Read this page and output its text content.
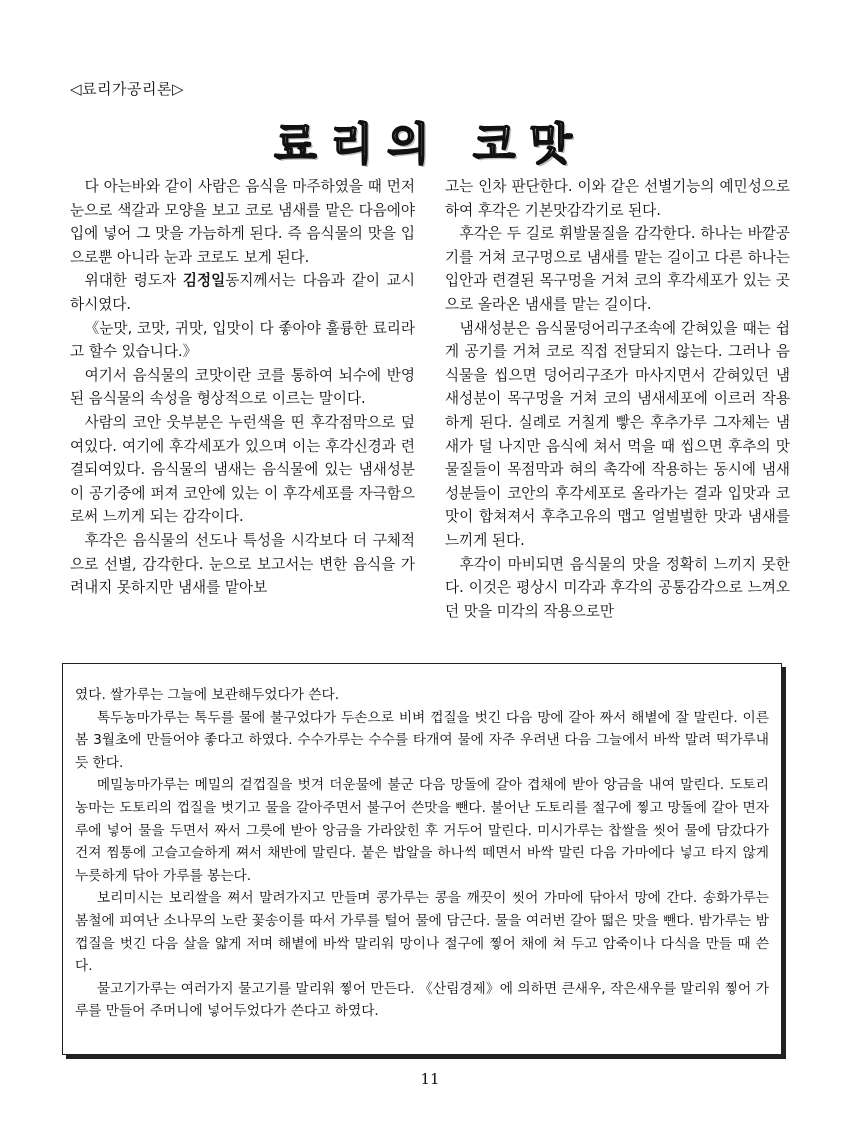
◁료리가공리론▷
료리의 코맛

다 아는바와 같이 사람은 음식을 마주하였을 때 먼저 눈으로 색갈과 모양을 보고 코로 냄새를 맡은 다음에야 입에 넣어 그 맛을 가늠하게 된다. 즉 음식물의 맛을 입으로뿐 아니라 눈과 코로도 보게 된다.

위대한 령도자 김정일동지께서는 다음과 같이 교시하시였다.

《눈맛, 코맛, 귀맛, 입맛이 다 좋아야 훌륭한 료리라고 할수 있습니다.》

여기서 음식물의 코맛이란 코를 통하여 뇌수에 반영된 음식물의 속성을 형상적으로 이르는 말이다.

사람의 코안 웃부분은 누런색을 띤 후각점막으로 덮여있다. 여기에 후각세포가 있으며 이는 후각신경과 련결되여있다. 음식물의 냄새는 음식물에 있는 냄새성분이 공기중에 퍼져 코안에 있는 이 후각세포를 자극함으로써 느끼게 되는 감각이다.

후각은 음식물의 선도나 특성을 시각보다 더 구체적으로 선별, 감각한다. 눈으로 보고서는 변한 음식을 가려내지 못하지만 냄새를 맡아보

고는 인차 판단한다. 이와 같은 선별기능의 예민성으로 하여 후각은 기본맛감각기로 된다.

후각은 두 길로 휘발물질을 감각한다. 하나는 바깥공기를 거쳐 코구멍으로 냄새를 맡는 길이고 다른 하나는 입안과 련결된 목구멍을 거쳐 코의 후각세포가 있는 곳으로 올라온 냄새를 맡는 길이다.

냄새성분은 음식물덩어리구조속에 갇혀있을 때는 쉽게 공기를 거쳐 코로 직접 전달되지 않는다. 그러나 음식물을 씹으면 덩어리구조가 마사지면서 갇혀있던 냄새성분이 목구멍을 거쳐 코의 냄새세포에 이르러 작용하게 된다. 실례로 거칠게 빻은 후추가루 그자체는 냄새가 덜 나지만 음식에 쳐서 먹을 때 씹으면 후추의 맛물질들이 목점막과 혀의 촉각에 작용하는 동시에 냄새성분들이 코안의 후각세포로 올라가는 결과 입맛과 코맛이 합쳐져서 후추고유의 맵고 얼벌벌한 맛과 냄새를 느끼게 된다.

후각이 마비되면 음식물의 맛을 정확히 느끼지 못한다. 이것은 평상시 미각과 후각의 공통감각으로 느껴오던 맛을 미각의 작용으로만

였다. 쌀가루는 그늘에 보관해두었다가 쓴다.

톡두농마가루는 톡두를 물에 불구었다가 두손으로 비벼 껍질을 벗긴 다음 망에 갈아 짜서 해볕에 잘 말린다. 이른봄 3월초에 만들어야 좋다고 하였다. 수수가루는 수수를 타개여 물에 자주 우려낸 다음 그늘에서 바싹 말려 떡가루내듯 한다.

메밀농마가루는 메밀의 겉껍질을 벗겨 더운물에 불군 다음 망돌에 갈아 겹채에 받아 앙금을 내여 말린다. 도토리농마는 도토리의 껍질을 벗기고 물을 갈아주면서 불구어 쓴맛을 뺀다. 불어난 도토리를 절구에 찧고 망돌에 갈아 면자루에 넣어 물을 두면서 짜서 그릇에 받아 앙금을 가라앉힌 후 거두어 말린다. 미시가루는 찹쌀을 씻어 물에 담갔다가 건져 찜통에 고슬고슬하게 쪄서 채반에 말린다. 붙은 밥알을 하나씩 떼면서 바싹 말린 다음 가마에다 넣고 타지 않게 누릇하게 닦아 가루를 봉는다.

보리미시는 보리쌀을 쪄서 말려가지고 만들며 콩가루는 콩을 깨끗이 씻어 가마에 닦아서 망에 간다. 송화가루는 봄철에 피여난 소나무의 노란 꽃송이를 따서 가루를 털어 물에 담근다. 물을 여러번 갈아 떫은 맛을 뺀다. 밤가루는 밤껍질을 벗긴 다음 살을 얇게 저며 해볕에 바싹 말리워 망이나 절구에 찧어 채에 쳐 두고 암죽이나 다식을 만들 때 쓴다.

물고기가루는 여러가지 물고기를 말리워 찧어 만든다. 《산림경제》에 의하면 큰새우, 작은새우를 말리워 찧어 가루를 만들어 주머니에 넣어두었다가 쓴다고 하였다.

11
